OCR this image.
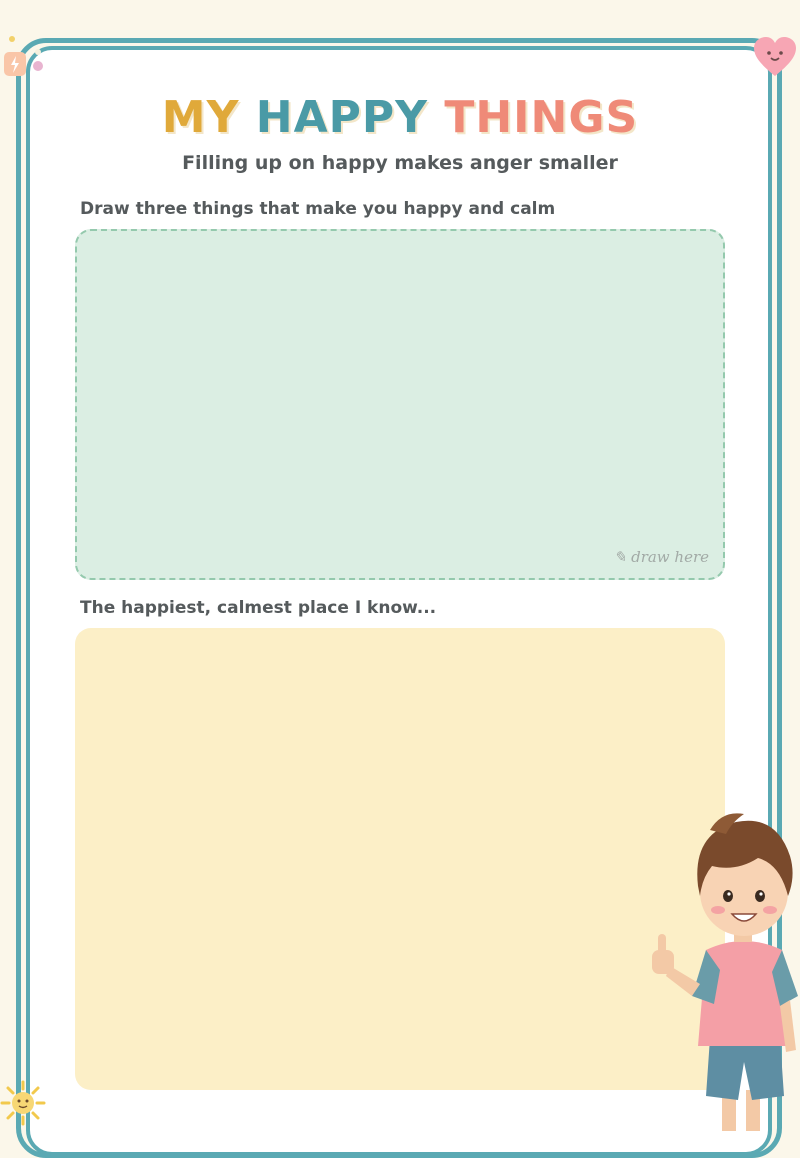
MY HAPPY THINGS
Filling up on happy makes anger smaller
Draw three things that make you happy and calm
✎ draw here
The happiest, calmest place I know...
